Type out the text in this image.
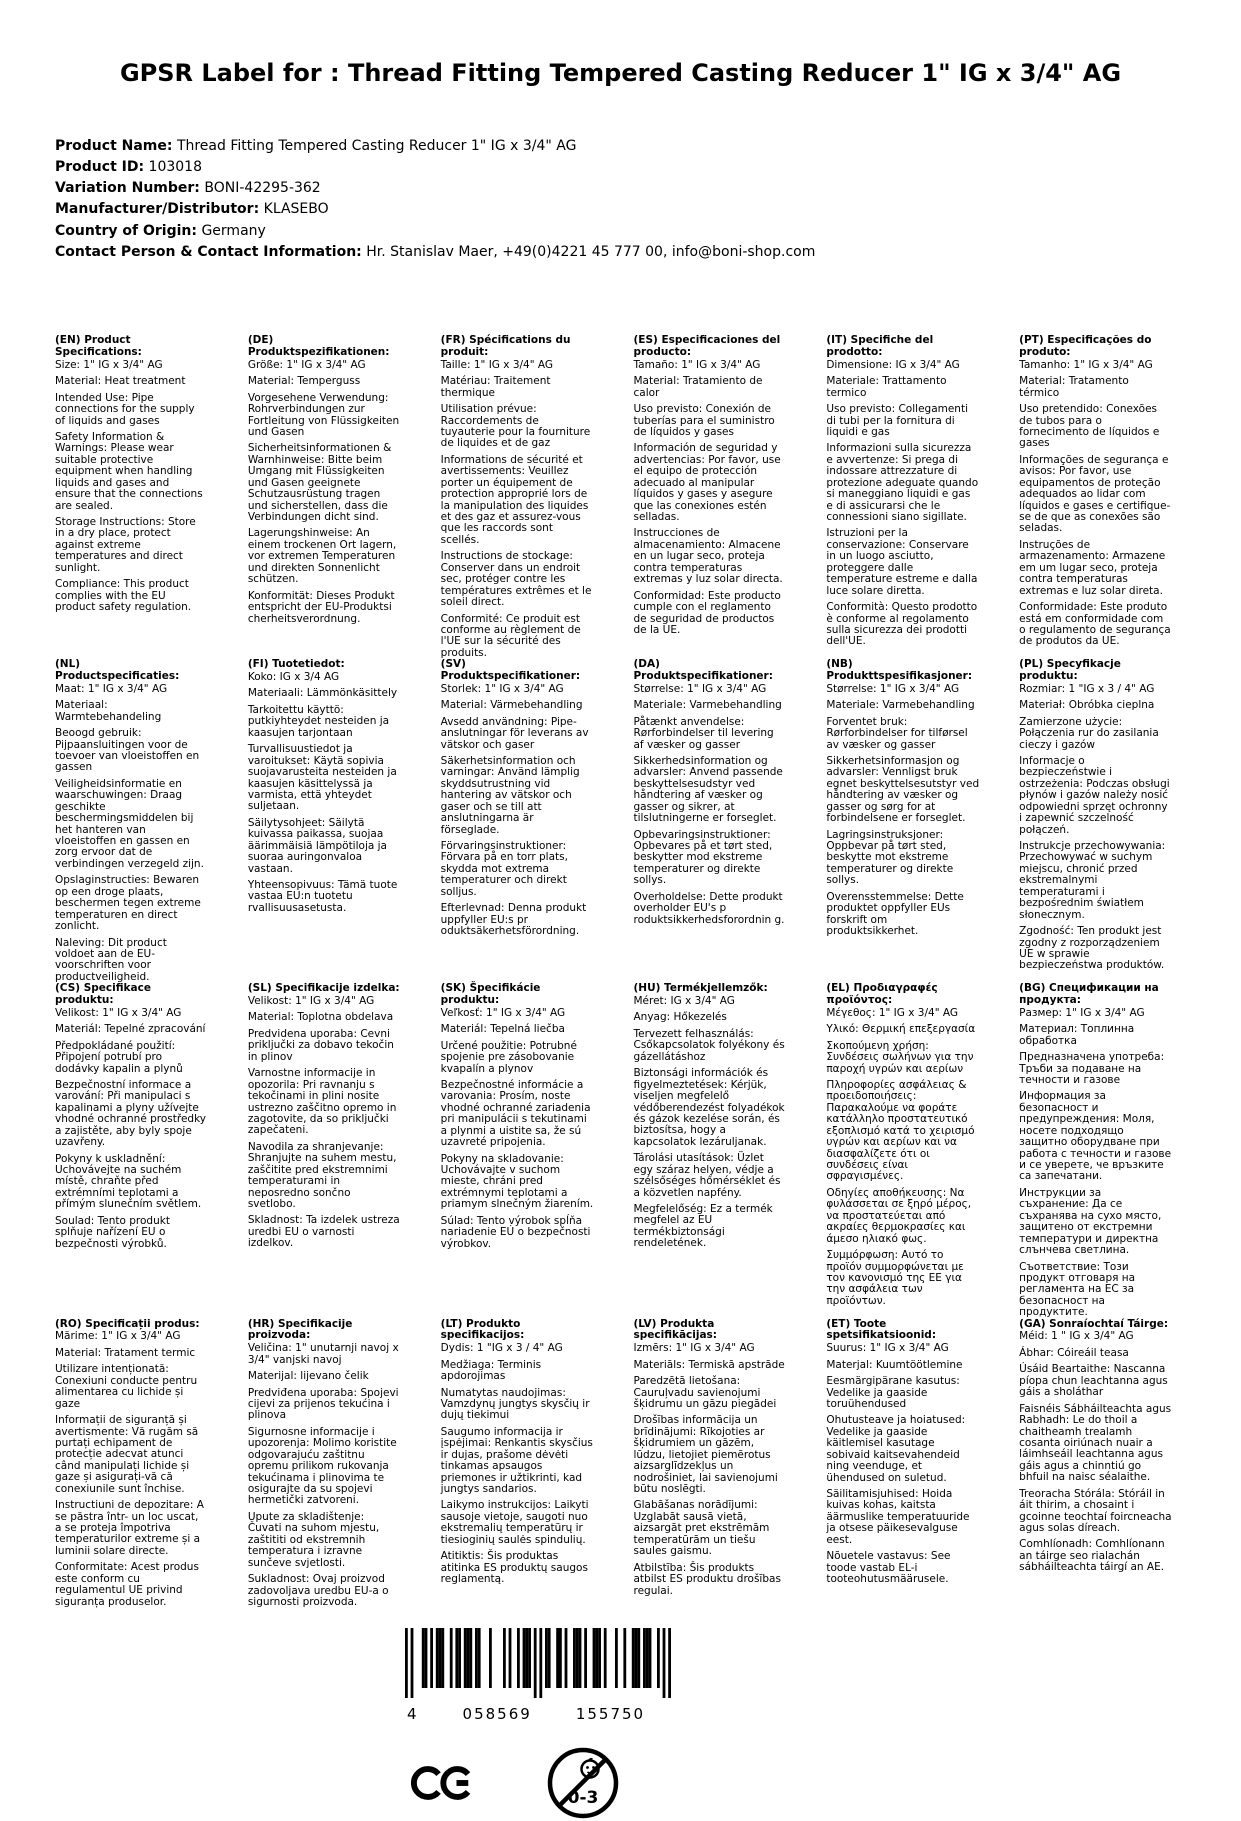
GPSR Label for : Thread Fitting Tempered Casting Reducer 1" IG x 3/4" AG
Product Name: Thread Fitting Tempered Casting Reducer 1" IG x 3/4" AG
Product ID: 103018
Variation Number: BONI-42295-362
Manufacturer/Distributor: KLASEBO
Country of Origin: Germany
Contact Person & Contact Information: Hr. Stanislav Maer, +49(0)4221 45 777 00, info@boni-shop.com
(EN) Product Specifications:

Size: 1" IG x 3/4" AG

Material: Heat treatment

Intended Use: Pipe connections for the supply of liquids and gases

Safety Information & Warnings: Please wear suitable protective equipment when handling liquids and gases and ensure that the connections are sealed.

Storage Instructions: Store in a dry place, protect against extreme temperatures and direct sunlight.

Compliance: This product complies with the EU product safety regulation.

(DE) Produktspezifikationen:

Größe: 1" IG x 3/4" AG

Material: Temperguss

Vorgesehene Verwendung: Rohrverbindungen zur Fortleitung von Flüssigkeiten und Gasen

Sicherheitsinformationen & Warnhinweise: Bitte beim Umgang mit Flüssigkeiten und Gasen geeignete Schutzausrüstung tragen und sicherstellen, dass die Verbindungen dicht sind.

Lagerungshinweise: An einem trockenen Ort lagern, vor extremen Temperaturen und direkten Sonnenlicht schützen.

Konformität: Dieses Produkt entspricht der EU-Produktsi cherheitsverordnung.

(FR) Spécifications du produit:

Taille: 1" IG x 3/4" AG

Matériau: Traitement thermique

Utilisation prévue: Raccordements de tuyauterie pour la fourniture de liquides et de gaz

Informations de sécurité et avertissements: Veuillez porter un équipement de protection approprié lors de la manipulation des liquides et des gaz et assurez-vous que les raccords sont scellés.

Instructions de stockage: Conserver dans un endroit sec, protéger contre les températures extrêmes et le soleil direct.

Conformité: Ce produit est conforme au règlement de l'UE sur la sécurité des produits.

(ES) Especificaciones del producto:

Tamaño: 1" IG x 3/4" AG

Material: Tratamiento de calor

Uso previsto: Conexión de tuberías para el suministro de líquidos y gases

Información de seguridad y advertencias: Por favor, use el equipo de protección adecuado al manipular líquidos y gases y asegure que las conexiones estén selladas.

Instrucciones de almacenamiento: Almacene en un lugar seco, proteja contra temperaturas extremas y luz solar directa.

Conformidad: Este producto cumple con el reglamento de seguridad de productos de la UE.

(IT) Specifiche del prodotto:

Dimensione: IG x 3/4" AG

Materiale: Trattamento termico

Uso previsto: Collegamenti di tubi per la fornitura di liquidi e gas

Informazioni sulla sicurezza e avvertenze: Si prega di indossare attrezzature di protezione adeguate quando si maneggiano liquidi e gas e di assicurarsi che le connessioni siano sigillate.

Istruzioni per la conservazione: Conservare in un luogo asciutto, proteggere dalle temperature estreme e dalla luce solare diretta.

Conformità: Questo prodotto è conforme al regolamento sulla sicurezza dei prodotti dell'UE.

(PT) Especificações do produto:

Tamanho: 1" IG x 3/4" AG

Material: Tratamento térmico

Uso pretendido: Conexões de tubos para o fornecimento de líquidos e gases

Informações de segurança e avisos: Por favor, use equipamentos de proteção adequados ao lidar com líquidos e gases e certifique-se de que as conexões são seladas.

Instruções de armazenamento: Armazene em um lugar seco, proteja contra temperaturas extremas e luz solar direta.

Conformidade: Este produto está em conformidade com o regulamento de segurança de produtos da UE.

(NL) Productspecificaties:

Maat: 1" IG x 3/4" AG

Materiaal: Warmtebehandeling

Beoogd gebruik: Pijpaansluitingen voor de toevoer van vloeistoffen en gassen

Veiligheidsinformatie en waarschuwingen: Draag geschikte beschermingsmiddelen bij het hanteren van vloeistoffen en gassen en zorg ervoor dat de verbindingen verzegeld zijn.

Opslaginstructies: Bewaren op een droge plaats, beschermen tegen extreme temperaturen en direct zonlicht.

Naleving: Dit product voldoet aan de EU-voorschriften voor productveiligheid.

(FI) Tuotetiedot:

Koko: IG x 3/4 AG

Materiaali: Lämmönkäsittely

Tarkoitettu käyttö: putkiyhteydet nesteiden ja kaasujen tarjontaan

Turvallisuustiedot ja varoitukset: Käytä sopivia suojavarusteita nesteiden ja kaasujen käsittelyssä ja varmista, että yhteydet suljetaan.

Säilytysohjeet: Säilytä kuivassa paikassa, suojaa äärimmäisiä lämpötiloja ja suoraa auringonvaloa vastaan.

Yhteensopivuus: Tämä tuote vastaa EU:n tuotetu rvallisuusasetusta.

(SV) Produktspecifikationer:

Storlek: 1" IG x 3/4" AG

Material: Värmebehandling

Avsedd användning: Pipe-anslutningar för leverans av vätskor och gaser

Säkerhetsinformation och varningar: Använd lämplig skyddsutrustning vid hantering av vätskor och gaser och se till att anslutningarna är förseglade.

Förvaringsinstruktioner: Förvara på en torr plats, skydda mot extrema temperaturer och direkt solljus.

Efterlevnad: Denna produkt uppfyller EU:s pr oduktsäkerhetsförordning.

(DA) Produktspecifikationer:

Størrelse: 1" IG x 3/4" AG

Materiale: Varmebehandling

Påtænkt anvendelse: Rørforbindelser til levering af væsker og gasser

Sikkerhedsinformation og advarsler: Anvend passende beskyttelsesudstyr ved håndtering af væsker og gasser og sikrer, at tilslutningerne er forseglet.

Opbevaringsinstruktioner: Opbevares på et tørt sted, beskytter mod ekstreme temperaturer og direkte sollys.

Overholdelse: Dette produkt overholder EU's p roduktsikkerhedsforordnin g.

(NB) Produkttspesifikasjoner:

Størrelse: 1" IG x 3/4" AG

Materiale: Varmebehandling

Forventet bruk: Rørforbindelser for tilførsel av væsker og gasser

Sikkerhetsinformasjon og advarsler: Vennligst bruk egnet beskyttelsesutstyr ved håndtering av væsker og gasser og sørg for at forbindelsene er forseglet.

Lagringsinstruksjoner: Oppbevar på tørt sted, beskytte mot ekstreme temperaturer og direkte sollys.

Overensstemmelse: Dette produktet oppfyller EUs forskrift om produktsikkerhet.

(PL) Specyfikacje produktu:

Rozmiar: 1 "IG x 3 / 4" AG

Materiał: Obróbka cieplna

Zamierzone użycie: Połączenia rur do zasilania cieczy i gazów

Informacje o bezpieczeństwie i ostrzeżenia: Podczas obsługi płynów i gazów należy nosić odpowiedni sprzęt ochronny i zapewnić szczelność połączeń.

Instrukcje przechowywania: Przechowywać w suchym miejscu, chronić przed ekstremalnymi temperaturami i bezpośrednim światłem słonecznym.

Zgodność: Ten produkt jest zgodny z rozporządzeniem UE w sprawie bezpieczeństwa produktów.

(CS) Specifikace produktu:

Velikost: 1" IG x 3/4" AG

Materiál: Tepelné zpracování

Předpokládané použití: Připojení potrubí pro dodávky kapalin a plynů

Bezpečnostní informace a varování: Při manipulaci s kapalinami a plyny užívejte vhodné ochranné prostředky a zajistěte, aby byly spoje uzavřeny.

Pokyny k uskladnění: Uchovávejte na suchém místě, chraňte před extrémními teplotami a přímým slunečním světlem.

Soulad: Tento produkt splňuje nařízení EU o bezpečnosti výrobků.

(SL) Specifikacije izdelka:

Velikost: 1" IG x 3/4" AG

Material: Toplotna obdelava

Predvidena uporaba: Cevni priključki za dobavo tekočin in plinov

Varnostne informacije in opozorila: Pri ravnanju s tekočinami in plini nosite ustrezno zaščitno opremo in zagotovite, da so priključki zapečateni.

Navodila za shranjevanje: Shranjujte na suhem mestu, zaščitite pred ekstremnimi temperaturami in neposredno sončno svetlobo.

Skladnost: Ta izdelek ustreza uredbi EU o varnosti izdelkov.

(SK) Špecifikácie produktu:

Veľkosť: 1" IG x 3/4" AG

Materiál: Tepelná liečba

Určené použitie: Potrubné spojenie pre zásobovanie kvapalín a plynov

Bezpečnostné informácie a varovania: Prosím, noste vhodné ochranné zariadenia pri manipulácii s tekutinami a plynmi a uistite sa, že sú uzavreté pripojenia.

Pokyny na skladovanie: Uchovávajte v suchom mieste, chráni pred extrémnymi teplotami a priamym slnečným žiarením.

Súlad: Tento výrobok spĺňa nariadenie EÚ o bezpečnosti výrobkov.

(HU) Termékjellemzők:

Méret: IG x 3/4" AG

Anyag: Hőkezelés

Tervezett felhasználás: Csőkapcsolatok folyékony és gázellátáshoz

Biztonsági információk és figyelmeztetések: Kérjük, viseljen megfelelő védőberendezést folyadékok és gázok kezelése során, és biztosítsa, hogy a kapcsolatok lezáruljanak.

Tárolási utasítások: Üzlet egy száraz helyen, védje a szélsőséges hőmérséklet és a közvetlen napfény.

Megfelelőség: Ez a termék megfelel az EU termékbiztonsági rendeletének.

(EL) Προδιαγραφές προϊόντος:

Μέγεθος: 1" IG x 3/4" AG

Υλικό: Θερμική επεξεργασία

Σκοπούμενη χρήση: Συνδέσεις σωλήνων για την παροχή υγρών και αερίων

Πληροφορίες ασφάλειας & προειδοποιήσεις: Παρακαλούμε να φοράτε κατάλληλο προστατευτικό εξοπλισμό κατά το χειρισμό υγρών και αερίων και να διασφαλίζετε ότι οι συνδέσεις είναι σφραγισμένες.

Οδηγίες αποθήκευσης: Να φυλάσσεται σε ξηρό μέρος, να προστατεύεται από ακραίες θερμοκρασίες και άμεσο ηλιακό φως.

Συμμόρφωση: Αυτό το προϊόν συμμορφώνεται με τον κανονισμό της ΕΕ για την ασφάλεια των προϊόντων.

(BG) Спецификации на продукта:

Размер: 1" IG x 3/4" AG

Материал: Топлинна обработка

Предназначена употреба: Тръби за подаване на течности и газове

Информация за безопасност и предупреждения: Моля, носете подходящо защитно оборудване при работа с течности и газове и се уверете, че връзките са запечатани.

Инструкции за съхранение: Да се съхранява на сухо място, защитено от екстремни температури и директна слънчева светлина.

Съответствие: Този продукт отговаря на регламента на ЕС за безопасност на продуктите.

(RO) Specificații produs:

Mărime: 1" IG x 3/4" AG

Material: Tratament termic

Utilizare intenționată: Conexiuni conducte pentru alimentarea cu lichide și gaze

Informații de siguranță și avertismente: Vă rugăm să purtați echipament de protecție adecvat atunci când manipulați lichide și gaze și asigurați-vă că conexiunile sunt închise.

Instructiuni de depozitare: A se păstra într- un loc uscat, a se proteja împotriva temperaturilor extreme și a luminii solare directe.

Conformitate: Acest produs este conform cu regulamentul UE privind siguranța produselor.

(HR) Specifikacije proizvoda:

Veličina: 1" unutarnji navoj x 3/4" vanjski navoj

Materijal: lijevano čelik

Predviđena uporaba: Spojevi cijevi za prijenos tekućina i plinova

Sigurnosne informacije i upozorenja: Molimo koristite odgovarajuću zaštitnu opremu prilikom rukovanja tekućinama i plinovima te osigurajte da su spojevi hermetički zatvoreni.

Upute za skladištenje: Čuvati na suhom mjestu, zaštititi od ekstremnih temperatura i izravne sunčeve svjetlosti.

Sukladnost: Ovaj proizvod zadovoljava uredbu EU-a o sigurnosti proizvoda.

(LT) Produkto specifikacijos:

Dydis: 1 "IG x 3 / 4" AG

Medžiaga: Terminis apdorojimas

Numatytas naudojimas: Vamzdynų jungtys skysčių ir dujų tiekimui

Saugumo informacija ir įspėjimai: Renkantis skysčius ir dujas, prašome dėvėti tinkamas apsaugos priemones ir užtikrinti, kad jungtys sandarios.

Laikymo instrukcijos: Laikyti sausoje vietoje, saugoti nuo ekstremalių temperatūrų ir tiesioginių saulės spindulių.

Atitiktis: Šis produktas atitinka ES produktų saugos reglamentą.

(LV) Produkta specifikācijas:

Izmērs: 1" IG x 3/4" AG

Materiāls: Termiskā apstrāde

Paredzētā lietošana: Cauruļvadu savienojumi šķidrumu un gāzu piegādei

Drošības informācija un brīdinājumi: Rīkojoties ar šķidrumiem un gāzēm, lūdzu, lietojiet piemērotus aizsarglīdzekļus un nodrošiniet, lai savienojumi būtu noslēgti.

Glabāšanas norādījumi: Uzglabāt sausā vietā, aizsargāt pret ekstrēmām temperatūrām un tiešu saules gaismu.

Atbilstība: Šis produkts atbilst ES produktu drošības regulai.

(ET) Toote spetsifikatsioonid:

Suurus: 1" IG x 3/4" AG

Materjal: Kuumtöötlemine

Eesmärgipärane kasutus: Vedelike ja gaaside toruühendused

Ohutusteave ja hoiatused: Vedelike ja gaaside käitlemisel kasutage sobivaid kaitsevahendeid ning veenduge, et ühendused on suletud.

Säilitamisjuhised: Hoida kuivas kohas, kaitsta äärmuslike temperatuuride ja otsese päikesevalguse eest.

Nõuetele vastavus: See toode vastab EL-i tooteohutusmäärusele.

(GA) Sonraíochtaí Táirge:

Méid: 1 " IG x 3/4" AG

Ábhar: Cóireáil teasa

Úsáid Beartaithe: Nascanna píopa chun leachtanna agus gáis a sholáthar

Faisnéis Sábháilteachta agus Rabhadh: Le do thoil a chaitheamh trealamh cosanta oiriúnach nuair a láimhseáil leachtanna agus gáis agus a chinntiú go bhfuil na naisc séalaithe.

Treoracha Stórála: Stóráil in áit thirim, a chosaint i gcoinne teochtaí foircneacha agus solas díreach.

Comhlíonadh: Comhlíonann an táirge seo rialachán sábháilteachta táirgí an AE.

4	058569	155750
0-3
